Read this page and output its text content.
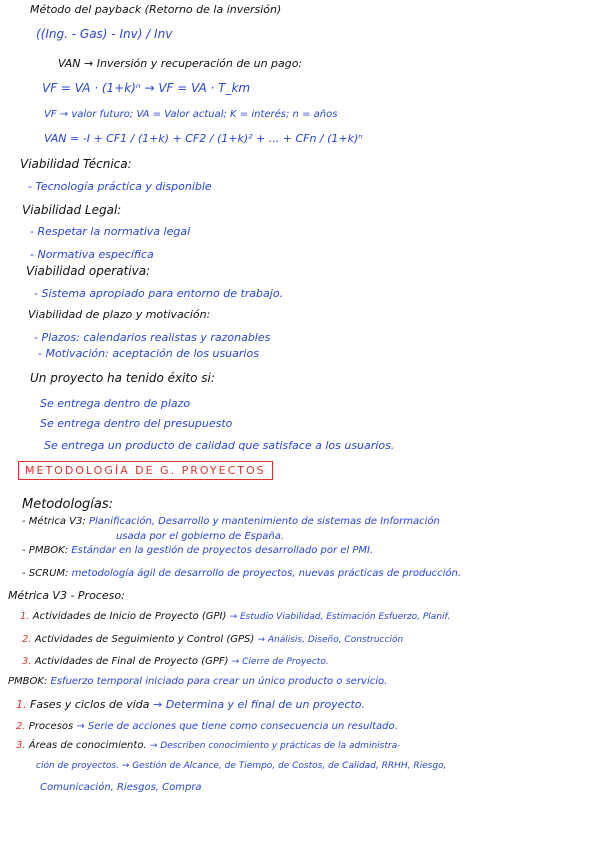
Método del payback (Retorno de la inversión)
((Ing. - Gas) - Inv) / Inv
VAN → Inversión y recuperación de un pago:
VF = VA · (1+k)ⁿ → VF = VA · T_km
VF → valor futuro; VA = Valor actual; K = interés; n = años
VAN = -I + CF1 / (1+k) + CF2 / (1+k)² + ... + CFn / (1+k)ⁿ
Viabilidad Técnica:
- Tecnología práctica y disponible
Viabilidad Legal:
- Respetar la normativa legal
- Normativa específica
Viabilidad operativa:
- Sistema apropiado para entorno de trabajo.
Viabilidad de plazo y motivación:
- Plazos: calendarios realistas y razonables
- Motivación: aceptación de los usuarios
Un proyecto ha tenido éxito si:
Se entrega dentro de plazo
Se entrega dentro del presupuesto
Se entrega un producto de calidad que satisface a los usuarios.
METODOLOGÍA DE G. PROYECTOS
Metodologías:
- Métrica V3: Planificación, Desarrollo y mantenimiento de sistemas de Información
usada por el gobierno de España.
- PMBOK: Estándar en la gestión de proyectos desarrollado por el PMI.
- SCRUM: metodología ágil de desarrollo de proyectos, nuevas prácticas de producción.
Métrica V3 - Proceso:
1. Actividades de Inicio de Proyecto (GPI) → Estudio Viabilidad, Estimación Esfuerzo, Planif.
2. Actividades de Seguimiento y Control (GPS) → Análisis, Diseño, Construcción
3. Actividades de Final de Proyecto (GPF) → Cierre de Proyecto.
PMBOK: Esfuerzo temporal iniciado para crear un único producto o servicio.
1. Fases y ciclos de vida → Determina y el final de un proyecto.
2. Procesos → Serie de acciones que tiene como consecuencia un resultado.
3. Áreas de conocimiento. → Describen conocimiento y prácticas de la administra-
ción de proyectos. → Gestión de Alcance, de Tiempo, de Costos, de Calidad, RRHH, Riesgo,
Comunicación, Riesgos, Compra
